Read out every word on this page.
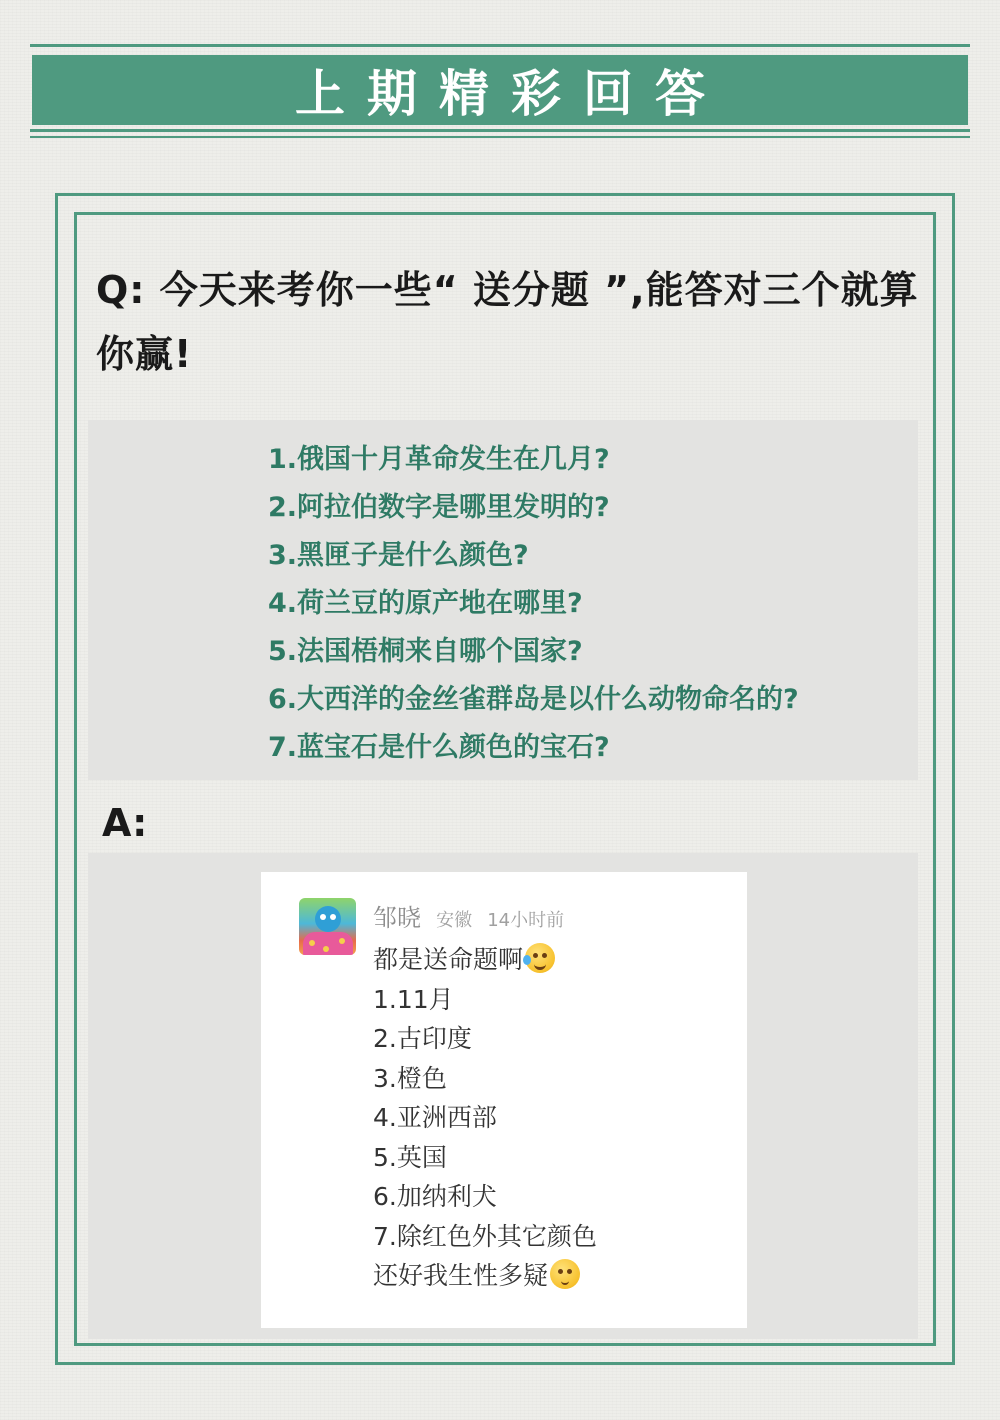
上期精彩回答
Q: 今天来考你一些“ 送分题 ”,能答对三个就算你赢!
1.俄国十月革命发生在几月?
2.阿拉伯数字是哪里发明的?
3.黑匣子是什么颜色?
4.荷兰豆的原产地在哪里?
5.法国梧桐来自哪个国家?
6.大西洋的金丝雀群岛是以什么动物命名的?
7.蓝宝石是什么颜色的宝石?
A:
邹晓 安徽 14小时前
都是送命题啊
1.11月
2.古印度
3.橙色
4.亚洲西部
5.英国
6.加纳利犬
7.除红色外其它颜色
还好我生性多疑
